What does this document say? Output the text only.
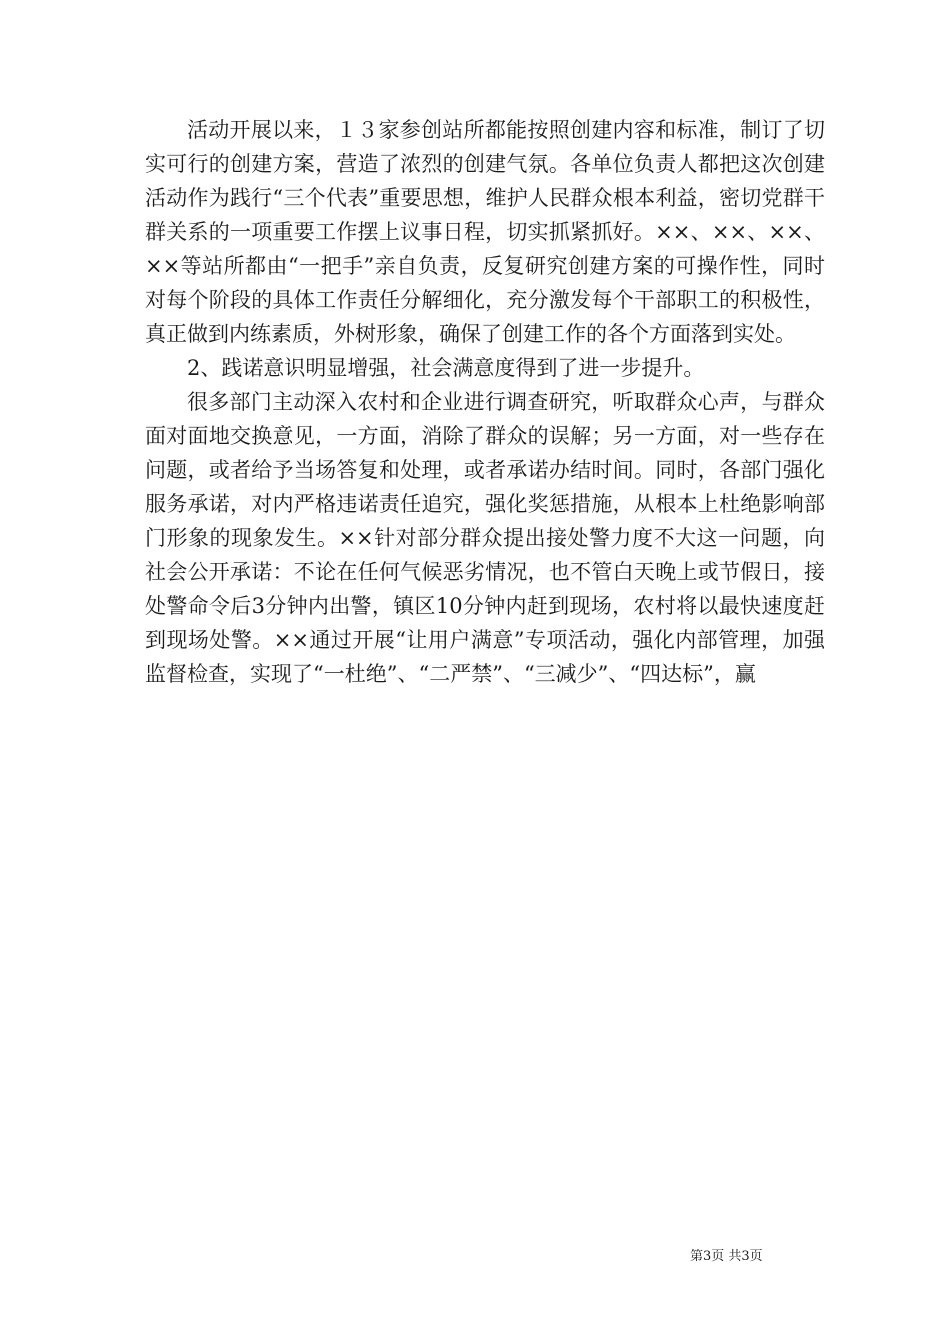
活动开展以来，１３家参创站所都能按照创建内容和标准，制订了切实可行的创建方案，营造了浓烈的创建气氛。各单位负责人都把这次创建活动作为践行“三个代表”重要思想，维护人民群众根本利益，密切党群干群关系的一项重要工作摆上议事日程，切实抓紧抓好。××、××、××、××等站所都由“一把手”亲自负责，反复研究创建方案的可操作性，同时对每个阶段的具体工作责任分解细化，充分激发每个干部职工的积极性，真正做到内练素质，外树形象，确保了创建工作的各个方面落到实处。

2、践诺意识明显增强，社会满意度得到了进一步提升。

很多部门主动深入农村和企业进行调查研究，听取群众心声，与群众面对面地交换意见，一方面，消除了群众的误解；另一方面，对一些存在问题，或者给予当场答复和处理，或者承诺办结时间。同时，各部门强化服务承诺，对内严格违诺责任追究，强化奖惩措施，从根本上杜绝影响部门形象的现象发生。××针对部分群众提出接处警力度不大这一问题，向社会公开承诺：不论在任何气候恶劣情况，也不管白天晚上或节假日，接处警命令后3分钟内出警，镇区10分钟内赶到现场，农村将以最快速度赶到现场处警。××通过开展“让用户满意”专项活动，强化内部管理，加强监督检查，实现了“一杜绝”、“二严禁”、“三减少”、“四达标”，赢

第3页 共3页
